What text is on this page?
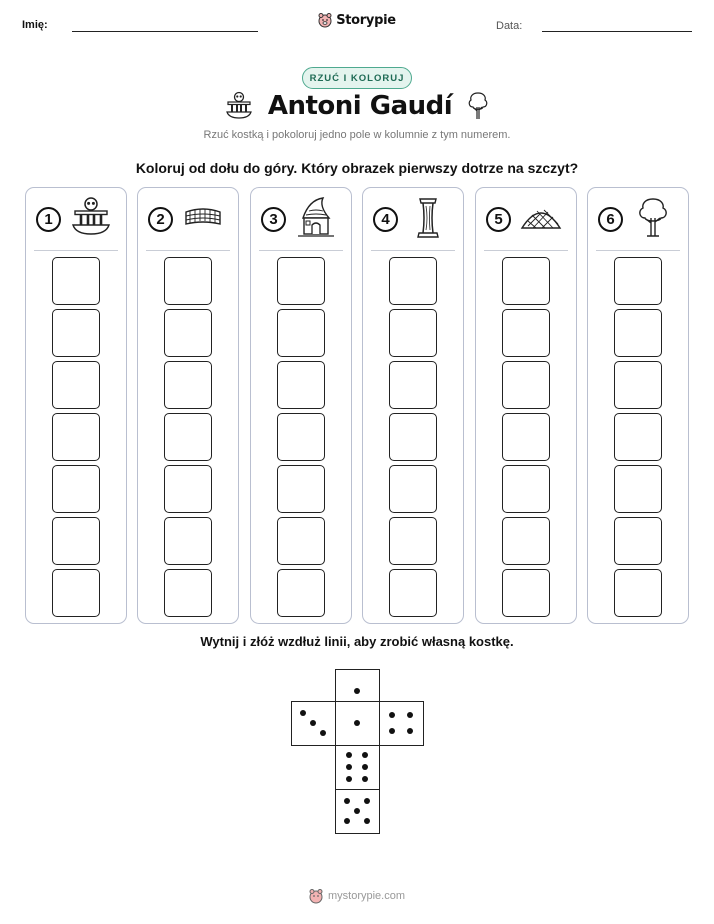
Imię:	Storypie	Data:
RZUĆ I KOLORUJ
Antoni Gaudí
Rzuć kostką i pokoloruj jedno pole w kolumnie z tym numerem.
Koloruj od dołu do góry. Który obrazek pierwszy dotrze na szczyt?
1	2	3	4	5	6
Wytnij i złóż wzdłuż linii, aby zrobić własną kostkę.
mystorypie.com
